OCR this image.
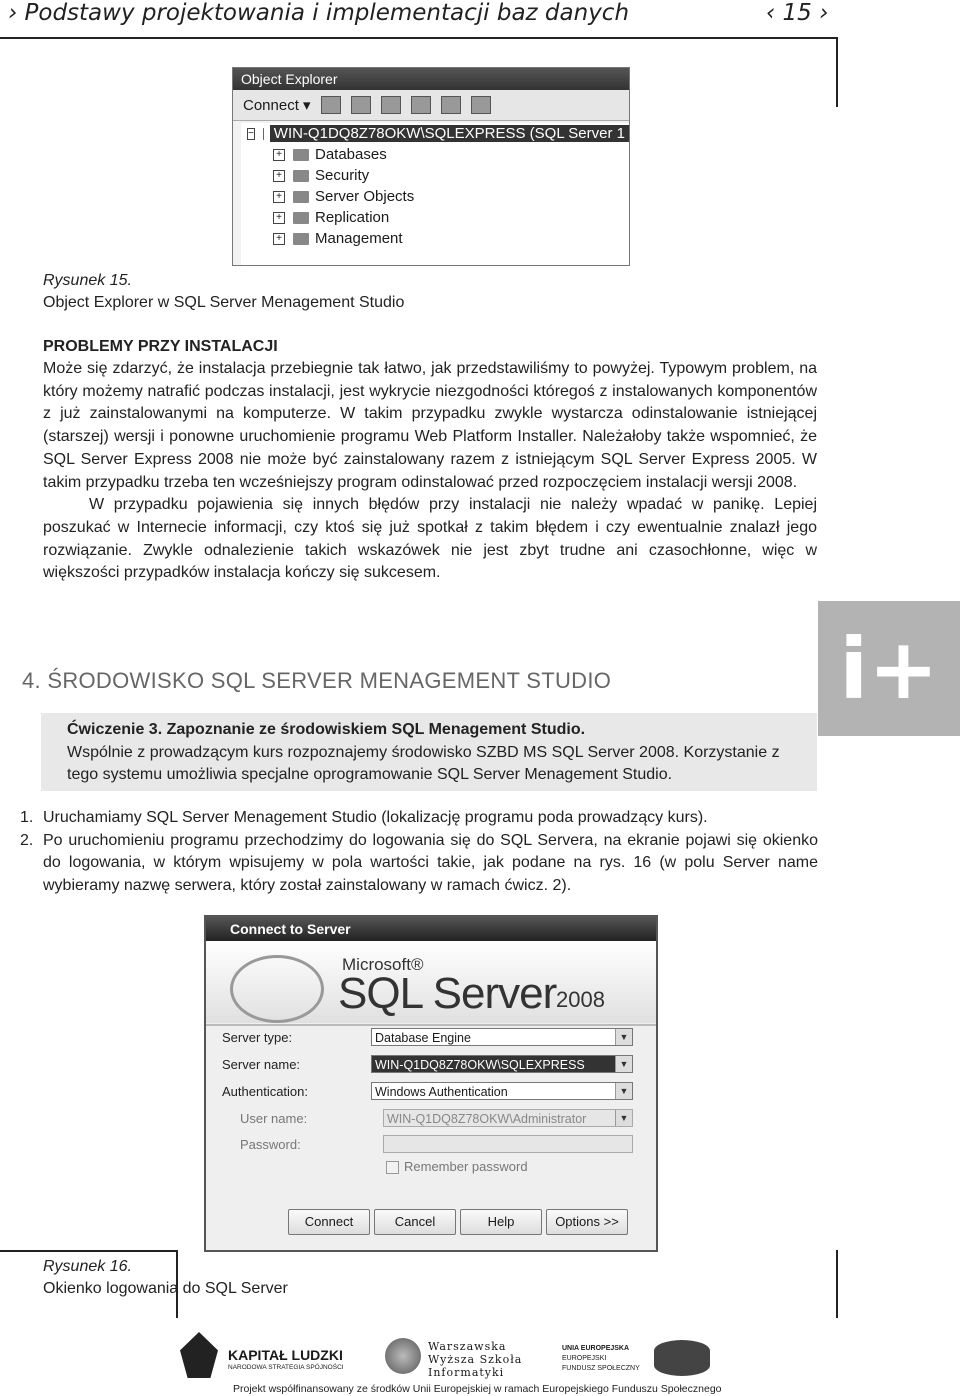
› Podstawy projektowania i implementacji baz danych	‹ 15 ›
Object Explorer
Connect ▾
− WIN-Q1DQ8Z78OKW\SQLEXPRESS (SQL Server 1
+ Databases
+ Security
+ Server Objects
+ Replication
+ Management
Rysunek 15.
Object Explorer w SQL Server Menagement Studio
PROBLEMY PRZY INSTALACJI

Może się zdarzyć, że instalacja przebiegnie tak łatwo, jak przedstawiliśmy to powyżej. Typowym problem, na który możemy natrafić podczas instalacji, jest wykrycie niezgodności któregoś z instalowanych komponentów z już zainstalowanymi na komputerze. W takim przypadku zwykle wystarcza odinstalowanie istniejącej (starszej) wersji i ponowne uruchomienie programu Web Platform Installer. Należałoby także wspomnieć, że SQL Server Express 2008 nie może być zainstalowany razem z istniejącym SQL Server Express 2005. W takim przypadku trzeba ten wcześniejszy program odinstalować przed rozpoczęciem instalacji wersji 2008.

W przypadku pojawienia się innych błędów przy instalacji nie należy wpadać w panikę. Lepiej poszukać w Internecie informacji, czy ktoś się już spotkał z takim błędem i czy ewentualnie znalazł jego rozwiązanie. Zwykle odnalezienie takich wskazówek nie jest zbyt trudne ani czasochłonne, więc w większości przypadków instalacja kończy się sukcesem.

i+
4. ŚRODOWISKO SQL SERVER MENAGEMENT STUDIO
Ćwiczenie 3. Zapoznanie ze środowiskiem SQL Menagement Studio.
Wspólnie z prowadzącym kurs rozpoznajemy środowisko SZBD MS SQL Server 2008. Korzystanie z tego systemu umożliwia specjalne oprogramowanie SQL Server Menagement Studio.
1. Uruchamiamy SQL Server Menagement Studio (lokalizację programu poda prowadzący kurs).
2. Po uruchomieniu programu przechodzimy do logowania się do SQL Servera, na ekranie pojawi się okienko do logowania, w którym wpisujemy w pola wartości takie, jak podane na rys. 16 (w polu Server name wybieramy nazwę serwera, który został zainstalowany w ramach ćwicz. 2).
Connect to Server
Microsoft®
SQL Server 2008
Server type:	Database Engine	▼
Server name:	WIN-Q1DQ8Z78OKW\SQLEXPRESS	▼
Authentication:	Windows Authentication	▼
User name:	WIN-Q1DQ8Z78OKW\Administrator	▼
Password:
Remember password
Connect	Cancel	Help	Options >>
Rysunek 16.
Okienko logowania do SQL Server
KAPITAŁ LUDZKI
NARODOWA STRATEGIA SPÓJNOŚCI
Warszawska
Wyższa Szkoła
Informatyki
UNIA EUROPEJSKA
EUROPEJSKI
FUNDUSZ SPOŁECZNY
Projekt współfinansowany ze środków Unii Europejskiej w ramach Europejskiego Funduszu Społecznego
